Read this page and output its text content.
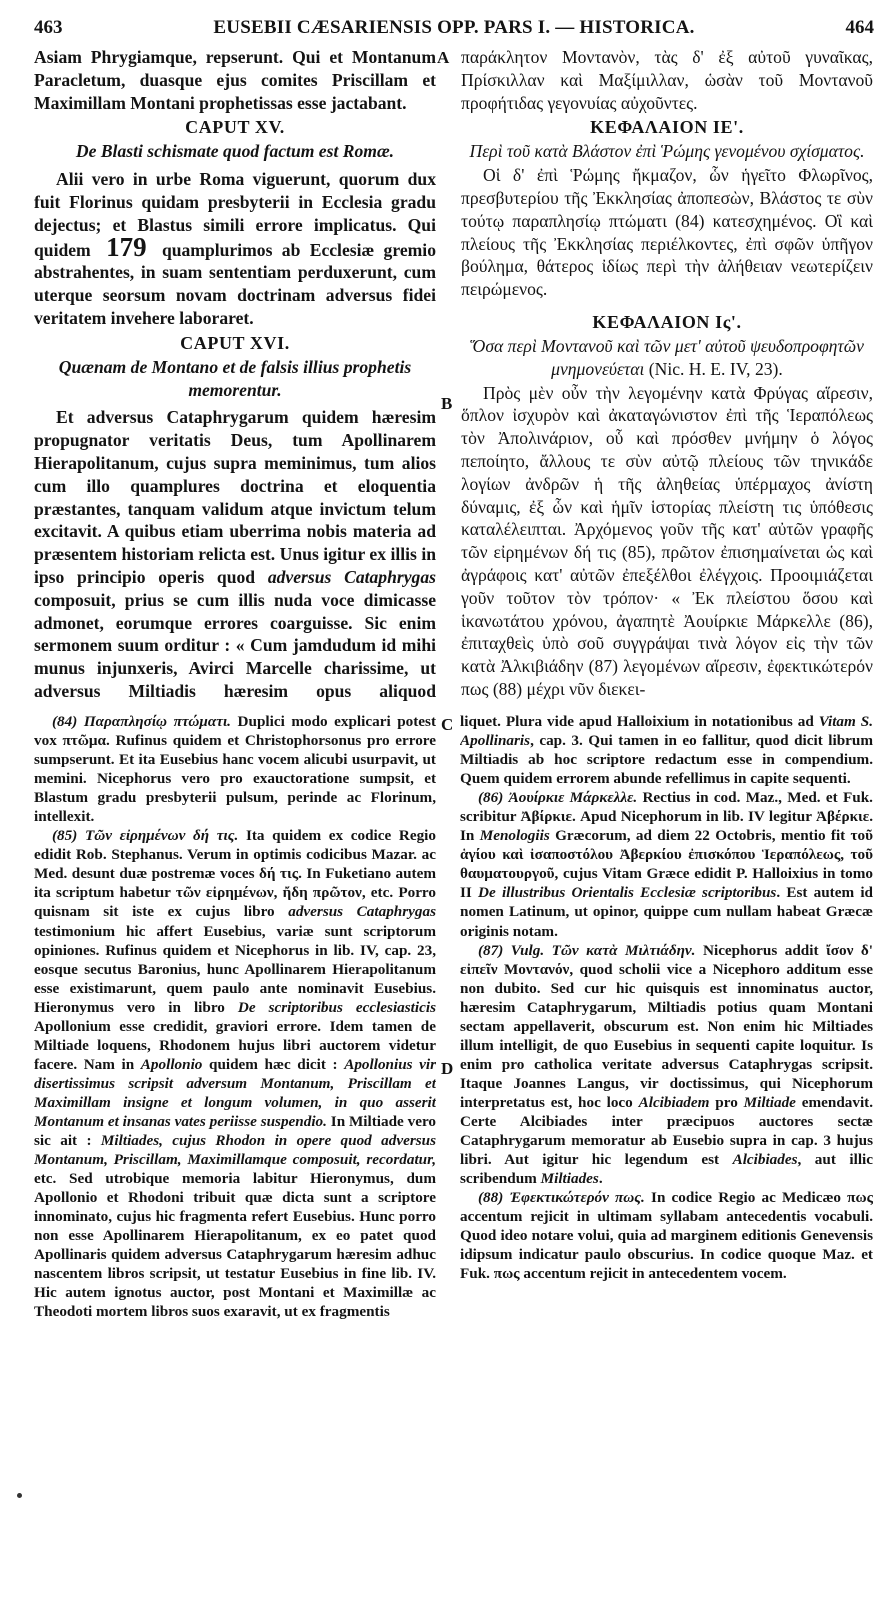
463	EUSEBII CÆSARIENSIS OPP. PARS I. — HISTORICA.	464

Asiam Phrygiamque, repserunt. Qui et Montanum Paracletum, duasque ejus comites Priscillam et Maximillam Montani prophetissas esse jactabant.

CAPUT XV.

De Blasti schismate quod factum est Romæ.

Alii vero in urbe Roma viguerunt, quorum dux fuit Florinus quidam presbyterii in Ecclesia gradu dejectus; et Blastus simili errore implicatus. Qui quidem 179 quamplurimos ab Ecclesiæ gremio abstrahentes, in suam sententiam perduxerunt, cum uterque seorsum novam doctrinam adversus fidei veritatem invehere laboraret.

CAPUT XVI.

Quænam de Montano et de falsis illius prophetis memorentur.

Et adversus Cataphrygarum quidem hæresim propugnator veritatis Deus, tum Apollinarem Hierapolitanum, cujus supra meminimus, tum alios cum illo quamplures doctrina et eloquentia præstantes, tanquam validum atque invictum telum excitavit. A quibus etiam uberrima nobis materia ad præsentem historiam relicta est. Unus igitur ex illis in ipso principio operis quod adversus Cataphrygas composuit, prius se cum illis nuda voce dimicasse admonet, eorumque errores coarguisse. Sic enim sermonem suum orditur : « Cum jamdudum id mihi munus injunxeris, Avirci Marcelle charissime, ut adversus Miltiadis hæresim opus aliquod

παράκλητον Μοντανὸν, τὰς δ' ἐξ αὐτοῦ γυναῖκας, Πρίσκιλλαν καὶ Μαξίμιλλαν, ὡσὰν τοῦ Μοντανοῦ προφήτιδας γεγονυίας αὐχοῦντες.

ΚΕΦΑΛΑΙΟΝ ΙΕ'.

Περὶ τοῦ κατὰ Βλάστον ἐπὶ Ῥώμης γενομένου σχίσματος.

Οἱ δ' ἐπὶ Ῥώμης ἤκμαζον, ὧν ἡγεῖτο Φλωρῖνος, πρεσβυτερίου τῆς Ἐκκλησίας ἀποπεσὼν, Βλάστος τε σὺν τούτῳ παραπλησίῳ πτώματι (84) κατεσχημένος. Οἳ καὶ πλείους τῆς Ἐκκλησίας περιέλκοντες, ἐπὶ σφῶν ὑπῆγον βούλημα, θάτερος ἰδίως περὶ τὴν ἀλήθειαν νεωτερίζειν πειρώμενος.

ΚΕΦΑΛΑΙΟΝ Ις'.

Ὅσα περὶ Μοντανοῦ καὶ τῶν μετ' αὐτοῦ ψευδοπροφητῶν μνημονεύεται (Nic. H. E. IV, 23).

Πρὸς μὲν οὖν τὴν λεγομένην κατὰ Φρύγας αἵρεσιν, ὅπλον ἰσχυρὸν καὶ ἀκαταγώνιστον ἐπὶ τῆς Ἱεραπόλεως τὸν Ἀπολινάριον, οὗ καὶ πρόσθεν μνήμην ὁ λόγος πεποίητο, ἄλλους τε σὺν αὐτῷ πλείους τῶν τηνικάδε λογίων ἀνδρῶν ἡ τῆς ἀληθείας ὑπέρμαχος ἀνίστη δύναμις, ἐξ ὧν καὶ ἡμῖν ἱστορίας πλείστη τις ὑπόθεσις καταλέλειπται. Ἀρχόμενος γοῦν τῆς κατ' αὐτῶν γραφῆς τῶν εἰρημένων δή τις (85), πρῶτον ἐπισημαίνεται ὡς καὶ ἀγράφοις κατ' αὐτῶν ἐπεξέλθοι ἐλέγχοις. Προοιμιάζεται γοῦν τοῦτον τὸν τρόπον· « Ἐκ πλείστου ὅσου καὶ ἱκανωτάτου χρόνου, ἀγαπητὲ Ἀουίρκιε Μάρκελλε (86), ἐπιταχθεὶς ὑπὸ σοῦ συγγράψαι τινὰ λόγον εἰς τὴν τῶν κατὰ Ἀλκιβιάδην (87) λεγομένων αἵρεσιν, ἐφεκτικώτερόν πως (88) μέχρι νῦν διεκει-

A
B
C
D

(84) Παραπλησίῳ πτώματι. Duplici modo explicari potest vox πτῶμα. Rufinus quidem et Christophorsonus pro errore sumpserunt. Et ita Eusebius hanc vocem alicubi usurpavit, ut memini. Nicephorus vero pro exauctoratione sumpsit, et Blastum gradu presbyterii pulsum, perinde ac Florinum, intellexit.

(85) Τῶν εἰρημένων δή τις. Ita quidem ex codice Regio edidit Rob. Stephanus. Verum in optimis codicibus Mazar. ac Med. desunt duæ postremæ voces δή τις. In Fuketiano autem ita scriptum habetur τῶν εἰρημένων, ἤδη πρῶτον, etc. Porro quisnam sit iste ex cujus libro adversus Cataphrygas testimonium hic affert Eusebius, variæ sunt scriptorum opiniones. Rufinus quidem et Nicephorus in lib. IV, cap. 23, eosque secutus Baronius, hunc Apollinarem Hierapolitanum esse existimarunt, quem paulo ante nominavit Eusebius. Hieronymus vero in libro De scriptoribus ecclesiasticis Apollonium esse credidit, graviori errore. Idem tamen de Miltiade loquens, Rhodonem hujus libri auctorem videtur facere. Nam in Apollonio quidem hæc dicit : Apollonius vir disertissimus scripsit adversum Montanum, Priscillam et Maximillam insigne et longum volumen, in quo asserit Montanum et insanas vates periisse suspendio. In Miltiade vero sic ait : Miltiades, cujus Rhodon in opere quod adversus Montanum, Priscillam, Maximillamque composuit, recordatur, etc. Sed utrobique memoria labitur Hieronymus, dum Apollonio et Rhodoni tribuit quæ dicta sunt a scriptore innominato, cujus hic fragmenta refert Eusebius. Hunc porro non esse Apollinarem Hierapolitanum, ex eo patet quod Apollinaris quidem adversus Cataphrygarum hæresim adhuc nascentem libros scripsit, ut testatur Eusebius in fine lib. IV. Hic autem ignotus auctor, post Montani et Maximillæ ac Theodoti mortem libros suos exaravit, ut ex fragmentis

liquet. Plura vide apud Halloixium in notationibus ad Vitam S. Apollinaris, cap. 3. Qui tamen in eo fallitur, quod dicit librum Miltiadis ab hoc scriptore redactum esse in compendium. Quem quidem errorem abunde refellimus in capite sequenti.

(86) Ἀουίρκιε Μάρκελλε. Rectius in cod. Maz., Med. et Fuk. scribitur Ἀβίρκιε. Apud Nicephorum in lib. IV legitur Ἀβέρκιε. In Menologiis Græcorum, ad diem 22 Octobris, mentio fit τοῦ ἁγίου καὶ ἰσαποστόλου Ἀβερκίου ἐπισκόπου Ἱεραπόλεως, τοῦ θαυματουργοῦ, cujus Vitam Græce edidit P. Halloixius in tomo II De illustribus Orientalis Ecclesiæ scriptoribus. Est autem id nomen Latinum, ut opinor, quippe cum nullam habeat Græcæ originis notam.

(87) Vulg. Τῶν κατὰ Μιλτιάδην. Nicephorus addit ἴσον δ' εἰπεῖν Μοντανόν, quod scholii vice a Nicephoro additum esse non dubito. Sed cur hic quisquis est innominatus auctor, hæresim Cataphrygarum, Miltiadis potius quam Montani sectam appellaverit, obscurum est. Non enim hic Miltiades illum intelligit, de quo Eusebius in sequenti capite loquitur. Is enim pro catholica veritate adversus Cataphrygas scripsit. Itaque Joannes Langus, vir doctissimus, qui Nicephorum interpretatus est, hoc loco Alcibiadem pro Miltiade emendavit. Certe Alcibiades inter præcipuos auctores sectæ Cataphrygarum memoratur ab Eusebio supra in cap. 3 hujus libri. Aut igitur hic legendum est Alcibiades, aut illic scribendum Miltiades.

(88) Ἐφεκτικώτερόν πως. In codice Regio ac Medicæo πως accentum rejicit in ultimam syllabam antecedentis vocabuli. Quod ideo notare volui, quia ad marginem editionis Genevensis idipsum indicatur paulo obscurius. In codice quoque Maz. et Fuk. πως accentum rejicit in antecedentem vocem.
